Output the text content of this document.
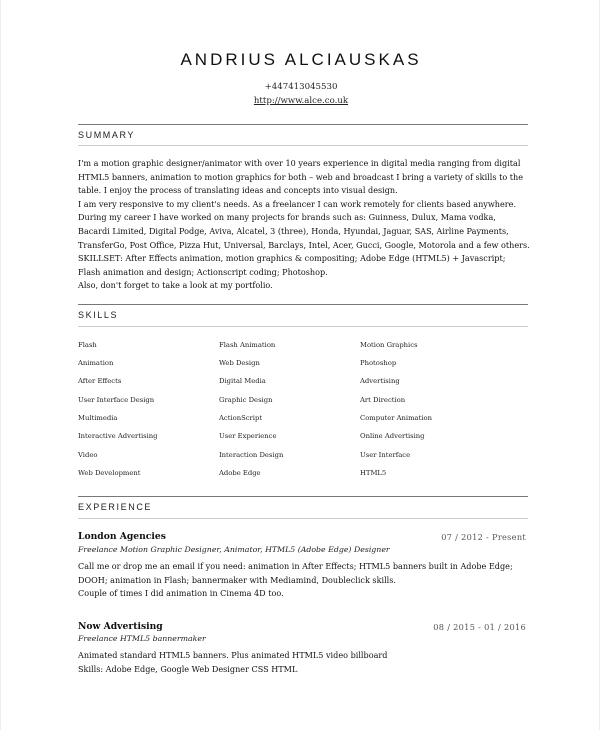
ANDRIUS ALCIAUSKAS
+447413045530
http://www.alce.co.uk
SUMMARY

I'm a motion graphic designer/animator with over 10 years experience in digital media ranging from digital HTML5 banners, animation to motion graphics for both – web and broadcast I bring a variety of skills to the table. I enjoy the process of translating ideas and concepts into visual design.

I am very responsive to my client's needs. As a freelancer I can work remotely for clients based anywhere.

During my career I have worked on many projects for brands such as: Guinness, Dulux, Mama vodka, Bacardi Limited, Digital Podge, Aviva, Alcatel, 3 (three), Honda, Hyundai, Jaguar, SAS, Airline Payments, TransferGo, Post Office, Pizza Hut, Universal, Barclays, Intel, Acer, Gucci, Google, Motorola and a few others.

SKILLSET: After Effects animation, motion graphics & compositing; Adobe Edge (HTML5) + Javascript; Flash animation and design; Actionscript coding; Photoshop.

Also, don't forget to take a look at my portfolio.

SKILLS
Flash
Animation
After Effects
User Interface Design
Multimedia
Interactive Advertising
Video
Web Development
Flash Animation
Web Design
Digital Media
Graphic Design
ActionScript
User Experience
Interaction Design
Adobe Edge
Motion Graphics
Photoshop
Advertising
Art Direction
Computer Animation
Online Advertising
User Interface
HTML5
EXPERIENCE
London Agencies	07 / 2012 - Present
Freelance Motion Graphic Designer, Animator, HTML5 (Adobe Edge) Designer

Call me or drop me an email if you need: animation in After Effects; HTML5 banners built in Adobe Edge; DOOH; animation in Flash; bannermaker with Mediamind, Doubleclick skills.

Couple of times I did animation in Cinema 4D too.

Now Advertising	08 / 2015 - 01 / 2016
Freelance HTML5 bannermaker

Animated standard HTML5 banners. Plus animated HTML5 video billboard

Skills: Adobe Edge, Google Web Designer CSS HTML
